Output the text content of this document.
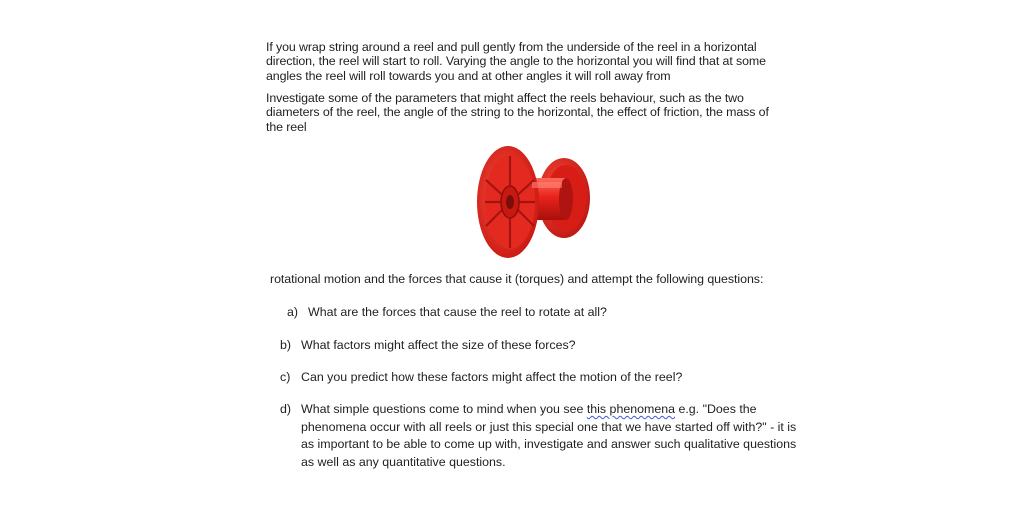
If you wrap string around a reel and pull gently from the underside of the reel in a horizontal direction, the reel will start to roll. Varying the angle to the horizontal you will find that at some angles the reel will roll towards you and at other angles it will roll away from

Investigate some of the parameters that might affect the reels behaviour, such as the two diameters of the reel, the angle of the string to the horizontal, the effect of friction, the mass of the reel

rotational motion and the forces that cause it (torques) and attempt the following questions:

a) What are the forces that cause the reel to rotate at all?
b) What factors might affect the size of these forces?
c) Can you predict how these factors might affect the motion of the reel?
d) What simple questions come to mind when you see this phenomena e.g. "Does the phenomena occur with all reels or just this special one that we have started off with?" - it is as important to be able to come up with, investigate and answer such qualitative questions as well as any quantitative questions.
